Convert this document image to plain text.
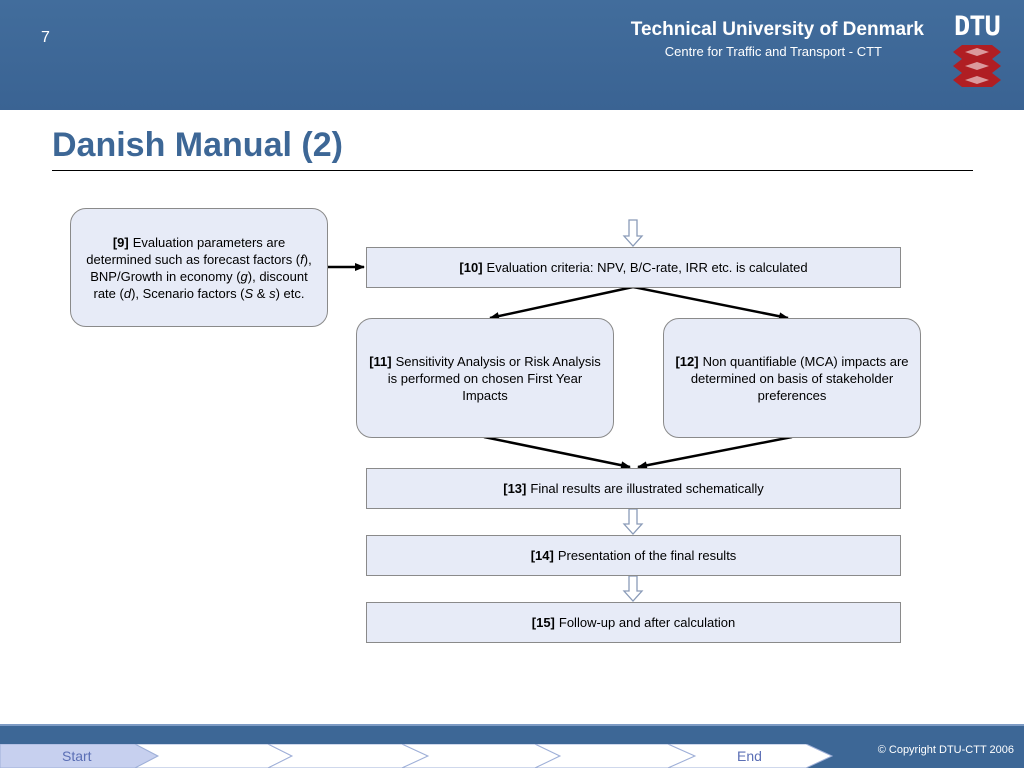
7	Technical University of Denmark
Centre for Traffic and Transport - CTT
DTU
Danish Manual (2)
[9] Evaluation parameters are determined such as forecast factors (f), BNP/Growth in economy (g), discount rate (d), Scenario factors (S & s) etc.
[10] Evaluation criteria: NPV, B/C-rate, IRR etc. is calculated
[11] Sensitivity Analysis or Risk Analysis is performed on chosen First Year Impacts
[12] Non quantifiable (MCA) impacts are determined on basis of stakeholder preferences
[13] Final results are illustrated schematically
[14] Presentation of the final results
[15] Follow-up and after calculation
Start	End	© Copyright DTU-CTT 2006
